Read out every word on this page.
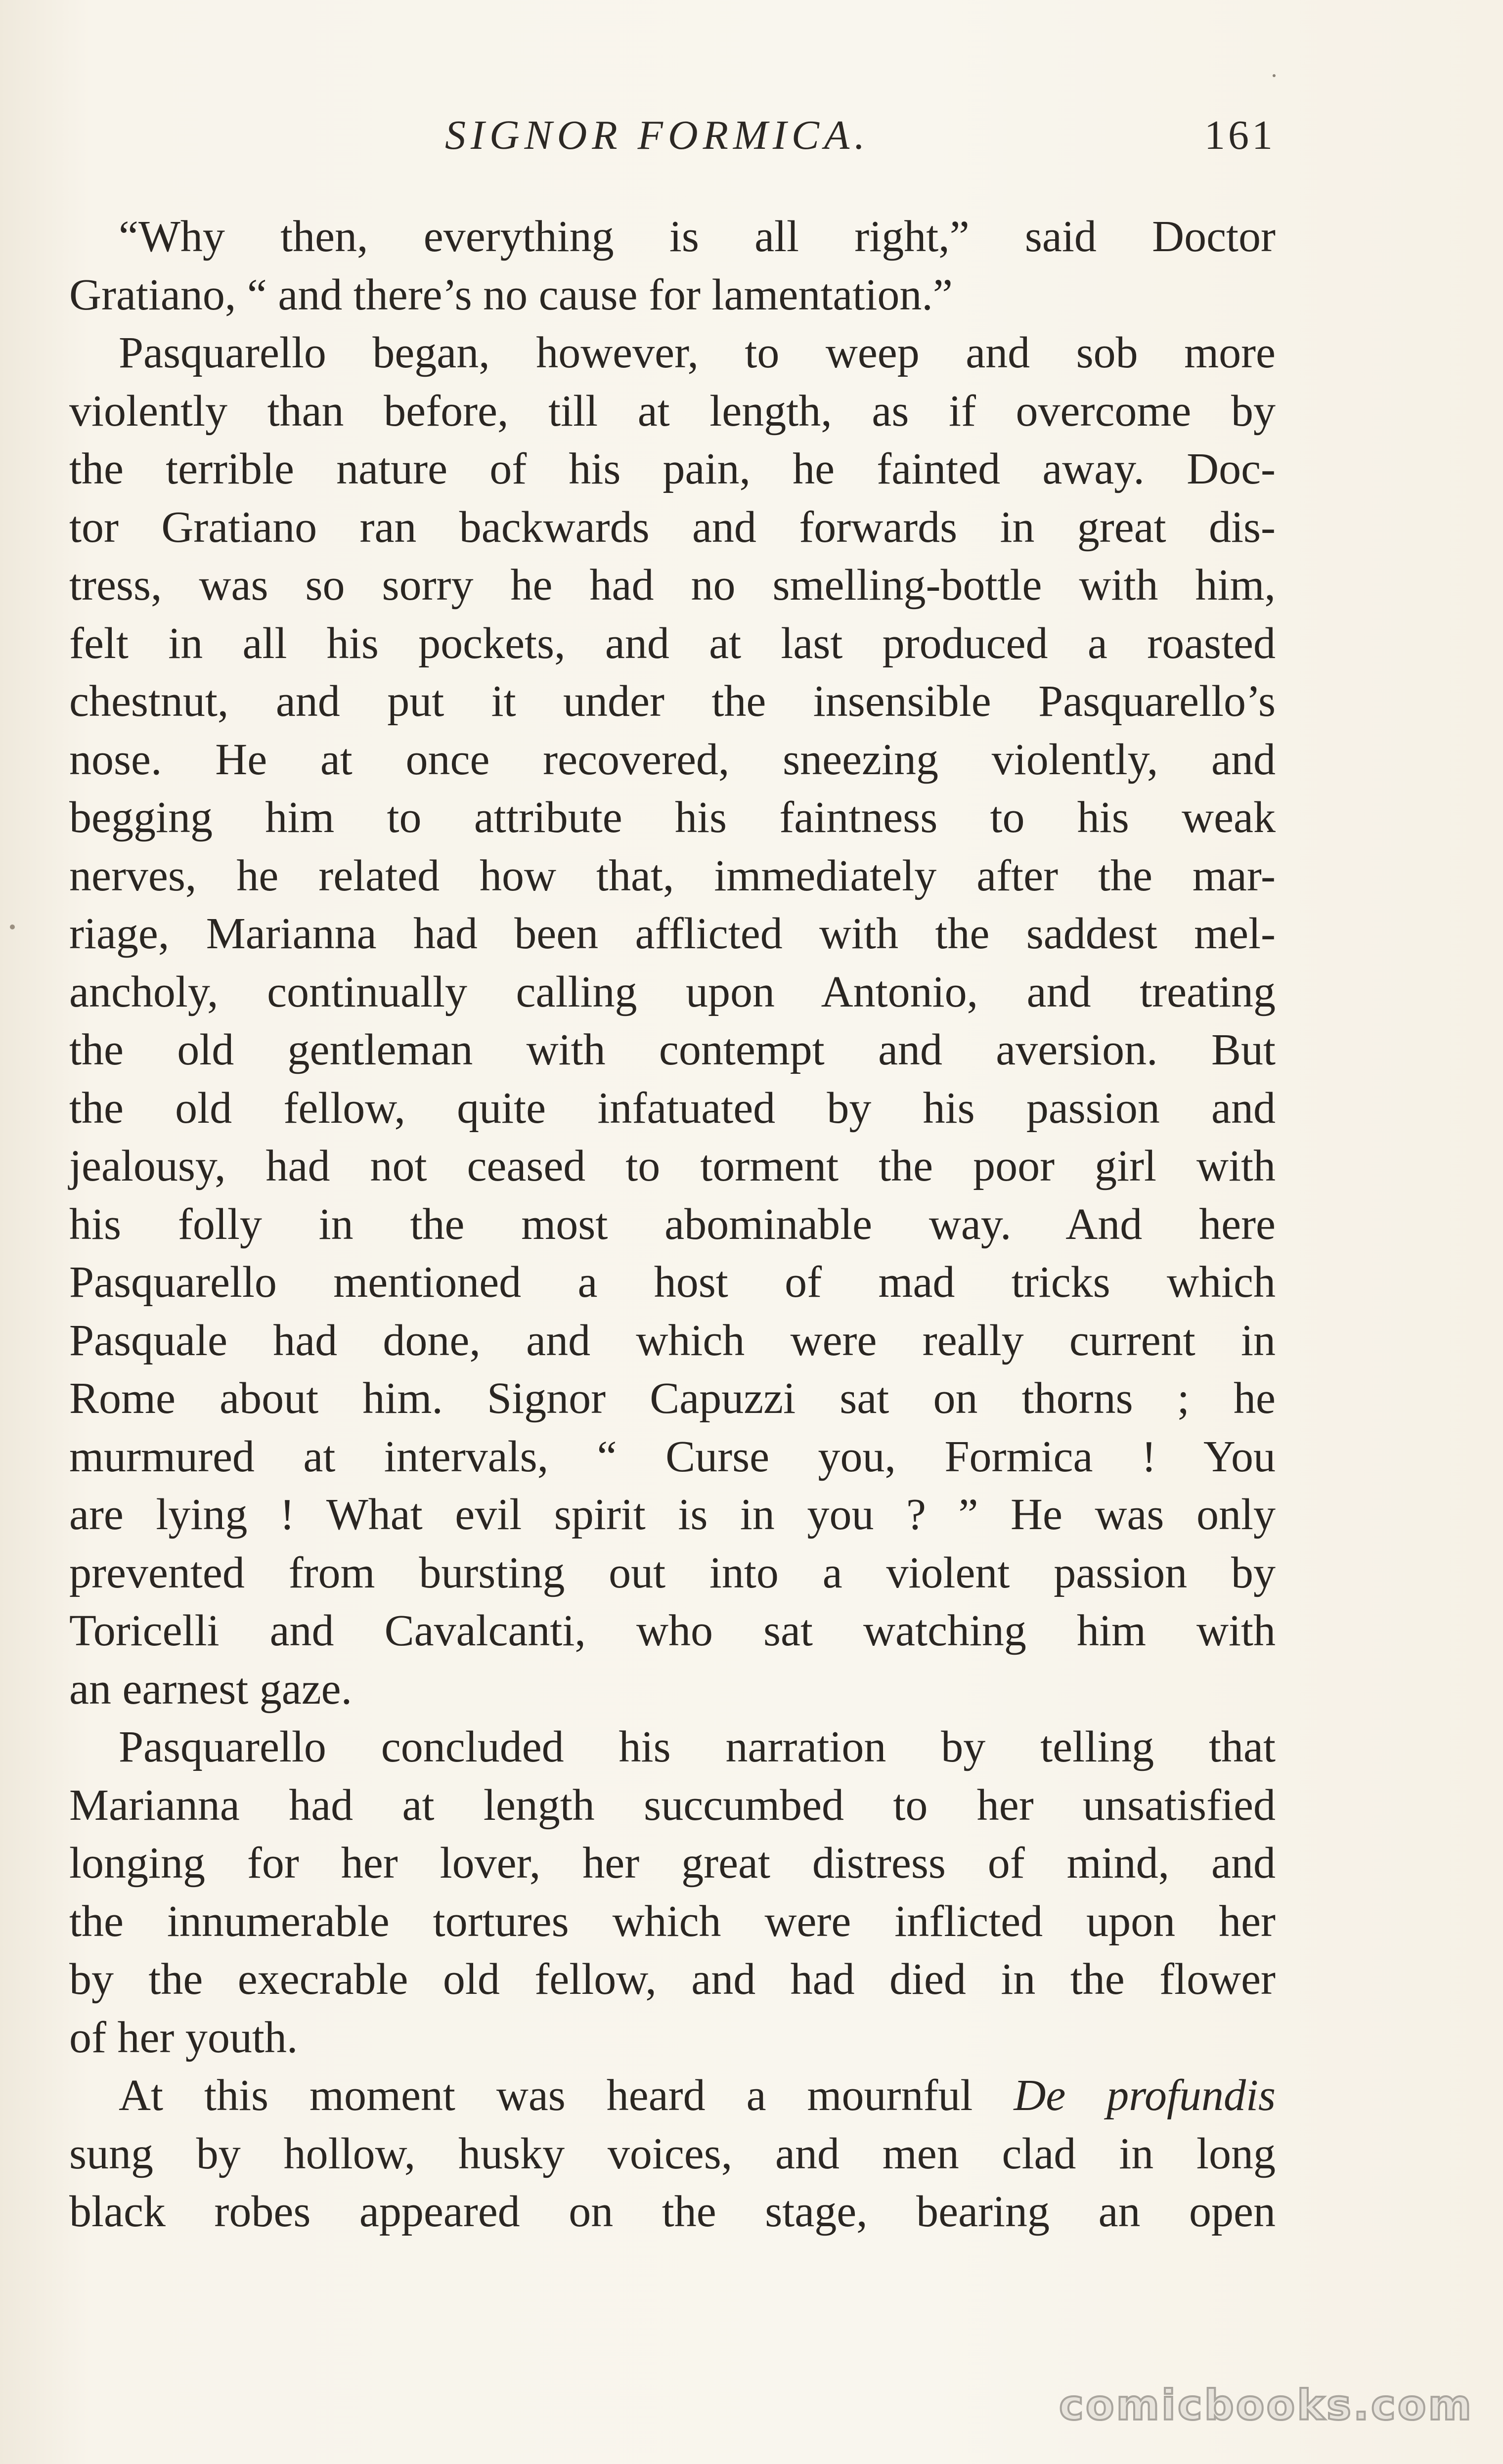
SIGNOR FORMICA.	161
“Why then, everything is all right,” said Doctor
Gratiano, “ and there’s no cause for lamentation.”
Pasquarello began, however, to weep and sob more
violently than before, till at length, as if overcome by
the terrible nature of his pain, he fainted away. Doc-
tor Gratiano ran backwards and forwards in great dis-
tress, was so sorry he had no smelling-bottle with him,
felt in all his pockets, and at last produced a roasted
chestnut, and put it under the insensible Pasquarello’s
nose. He at once recovered, sneezing violently, and
begging him to attribute his faintness to his weak
nerves, he related how that, immediately after the mar-
riage, Marianna had been afflicted with the saddest mel-
ancholy, continually calling upon Antonio, and treating
the old gentleman with contempt and aversion. But
the old fellow, quite infatuated by his passion and
jealousy, had not ceased to torment the poor girl with
his folly in the most abominable way. And here
Pasquarello mentioned a host of mad tricks which
Pasquale had done, and which were really current in
Rome about him. Signor Capuzzi sat on thorns ; he
murmured at intervals, “ Curse you, Formica ! You
are lying ! What evil spirit is in you ? ” He was only
prevented from bursting out into a violent passion by
Toricelli and Cavalcanti, who sat watching him with
an earnest gaze.
Pasquarello concluded his narration by telling that
Marianna had at length succumbed to her unsatisfied
longing for her lover, her great distress of mind, and
the innumerable tortures which were inflicted upon her
by the execrable old fellow, and had died in the flower
of her youth.
At this moment was heard a mournful De profundis
sung by hollow, husky voices, and men clad in long
black robes appeared on the stage, bearing an open
comicbooks.com
